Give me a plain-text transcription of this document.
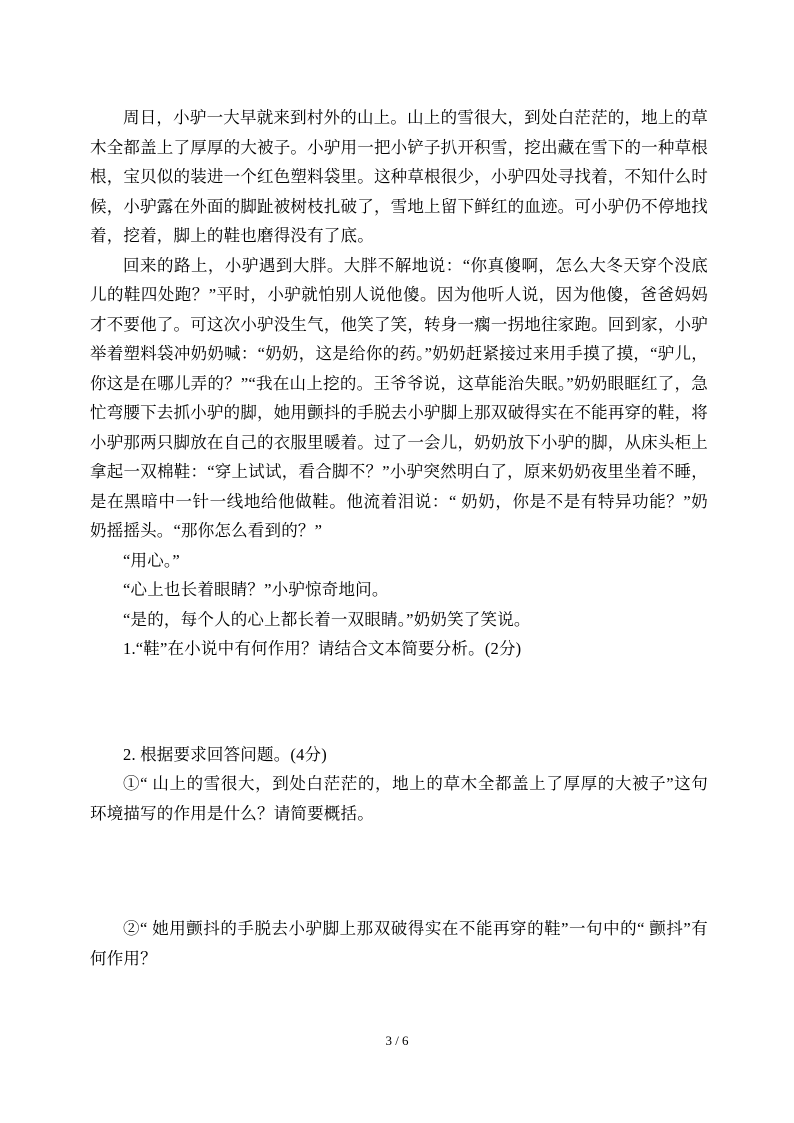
周日，小驴一大早就来到村外的山上。山上的雪很大，到处白茫茫的，地上的草木全都盖上了厚厚的大被子。小驴用一把小铲子扒开积雪，挖出藏在雪下的一种草根根，宝贝似的装进一个红色塑料袋里。这种草根很少，小驴四处寻找着，不知什么时候，小驴露在外面的脚趾被树枝扎破了，雪地上留下鲜红的血迹。可小驴仍不停地找着，挖着，脚上的鞋也磨得没有了底。

回来的路上，小驴遇到大胖。大胖不解地说：“你真傻啊，怎么大冬天穿个没底儿的鞋四处跑？”平时，小驴就怕别人说他傻。因为他听人说，因为他傻，爸爸妈妈才不要他了。可这次小驴没生气，他笑了笑，转身一瘸一拐地往家跑。回到家，小驴举着塑料袋冲奶奶喊：“奶奶，这是给你的药。”奶奶赶紧接过来用手摸了摸，“驴儿，你这是在哪儿弄的？”“我在山上挖的。王爷爷说，这草能治失眠。”奶奶眼眶红了，急忙弯腰下去抓小驴的脚，她用颤抖的手脱去小驴脚上那双破得实在不能再穿的鞋，将小驴那两只脚放在自己的衣服里暖着。过了一会儿，奶奶放下小驴的脚，从床头柜上拿起一双棉鞋：“穿上试试，看合脚不？”小驴突然明白了，原来奶奶夜里坐着不睡，是在黑暗中一针一线地给他做鞋。他流着泪说：“ 奶奶，你是不是有特异功能？”奶奶摇摇头。“那你怎么看到的？”

“用心。”

“心上也长着眼睛？”小驴惊奇地问。

“是的，每个人的心上都长着一双眼睛。”奶奶笑了笑说。

1.“鞋”在小说中有何作用？请结合文本简要分析。(2分)

2. 根据要求回答问题。(4分)

①“ 山上的雪很大，到处白茫茫的，地上的草木全都盖上了厚厚的大被子”这句环境描写的作用是什么？请简要概括。

②“ 她用颤抖的手脱去小驴脚上那双破得实在不能再穿的鞋”一句中的“ 颤抖”有何作用？

3 / 6
